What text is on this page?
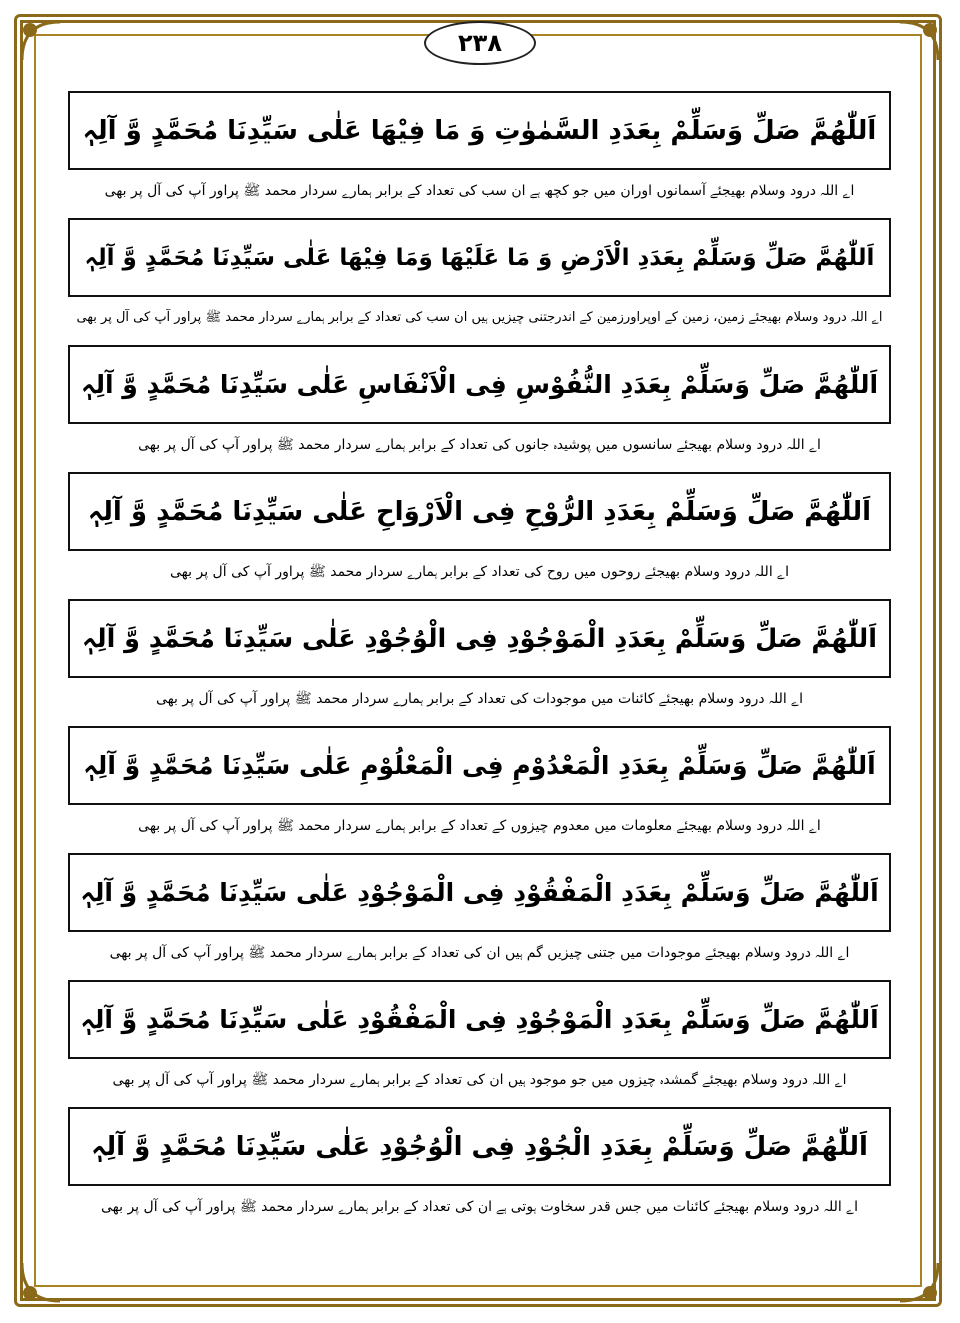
۲۳۸
اَللّٰھُمَّ صَلِّ وَسَلِّمْ بِعَدَدِ السَّمٰوٰتِ وَ مَا فِیْھَا عَلٰی سَیِّدِنَا مُحَمَّدٍ وَّ آلِہٖ
اے اللہ درود وسلام بھیجئے آسمانوں اوران میں جو کچھ ہے ان سب کی تعداد کے برابر ہمارے سردار محمد ﷺ پراور آپ کی آل پر بھی
اَللّٰھُمَّ صَلِّ وَسَلِّمْ بِعَدَدِ الْاَرْضِ وَ مَا عَلَیْھَا وَمَا فِیْھَا عَلٰی سَیِّدِنَا مُحَمَّدٍ وَّ آلِہٖ
اے اللہ درود وسلام بھیجئے زمین، زمین کے اوپراورزمین کے اندرجتنی چیزیں ہیں ان سب کی تعداد کے برابر ہمارے سردار محمد ﷺ پراور آپ کی آل پر بھی
اَللّٰھُمَّ صَلِّ وَسَلِّمْ بِعَدَدِ النُّفُوْسِ فِی الْاَنْفَاسِ عَلٰی سَیِّدِنَا مُحَمَّدٍ وَّ آلِہٖ
اے اللہ درود وسلام بھیجئے سانسوں میں پوشیدہ جانوں کی تعداد کے برابر ہمارے سردار محمد ﷺ پراور آپ کی آل پر بھی
اَللّٰھُمَّ صَلِّ وَسَلِّمْ بِعَدَدِ الرُّوْحِ فِی الْاَرْوَاحِ عَلٰی سَیِّدِنَا مُحَمَّدٍ وَّ آلِہٖ
اے اللہ درود وسلام بھیجئے روحوں میں روح کی تعداد کے برابر ہمارے سردار محمد ﷺ پراور آپ کی آل پر بھی
اَللّٰھُمَّ صَلِّ وَسَلِّمْ بِعَدَدِ الْمَوْجُوْدِ فِی الْوُجُوْدِ عَلٰی سَیِّدِنَا مُحَمَّدٍ وَّ آلِہٖ
اے اللہ درود وسلام بھیجئے کائنات میں موجودات کی تعداد کے برابر ہمارے سردار محمد ﷺ پراور آپ کی آل پر بھی
اَللّٰھُمَّ صَلِّ وَسَلِّمْ بِعَدَدِ الْمَعْدُوْمِ فِی الْمَعْلُوْمِ عَلٰی سَیِّدِنَا مُحَمَّدٍ وَّ آلِہٖ
اے اللہ درود وسلام بھیجئے معلومات میں معدوم چیزوں کے تعداد کے برابر ہمارے سردار محمد ﷺ پراور آپ کی آل پر بھی
اَللّٰھُمَّ صَلِّ وَسَلِّمْ بِعَدَدِ الْمَفْقُوْدِ فِی الْمَوْجُوْدِ عَلٰی سَیِّدِنَا مُحَمَّدٍ وَّ آلِہٖ
اے اللہ درود وسلام بھیجئے موجودات میں جتنی چیزیں گم ہیں ان کی تعداد کے برابر ہمارے سردار محمد ﷺ پراور آپ کی آل پر بھی
اَللّٰھُمَّ صَلِّ وَسَلِّمْ بِعَدَدِ الْمَوْجُوْدِ فِی الْمَفْقُوْدِ عَلٰی سَیِّدِنَا مُحَمَّدٍ وَّ آلِہٖ
اے اللہ درود وسلام بھیجئے گمشدہ چیزوں میں جو موجود ہیں ان کی تعداد کے برابر ہمارے سردار محمد ﷺ پراور آپ کی آل پر بھی
اَللّٰھُمَّ صَلِّ وَسَلِّمْ بِعَدَدِ الْجُوْدِ فِی الْوُجُوْدِ عَلٰی سَیِّدِنَا مُحَمَّدٍ وَّ آلِہٖ
اے اللہ درود وسلام بھیجئے کائنات میں جس قدر سخاوت ہوتی ہے ان کی تعداد کے برابر ہمارے سردار محمد ﷺ پراور آپ کی آل پر بھی
